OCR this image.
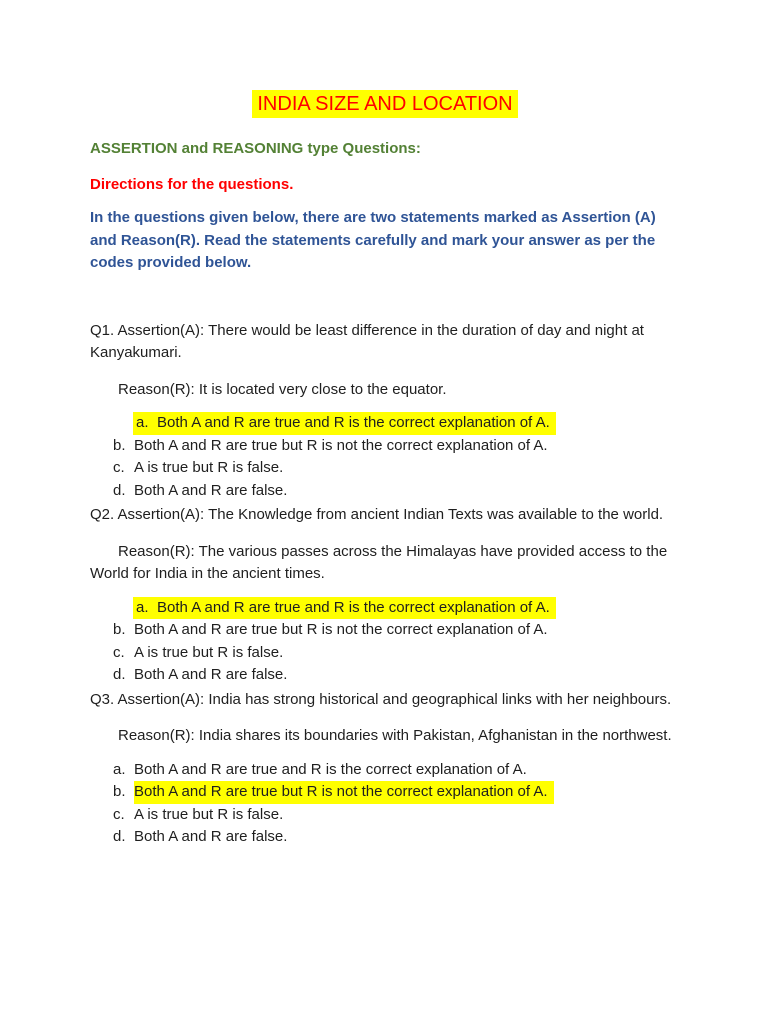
INDIA SIZE AND LOCATION
ASSERTION and REASONING type Questions:
Directions for the questions.
In the questions given below, there are two statements marked as Assertion (A) and Reason(R). Read the statements carefully and mark your answer as per the codes provided below.
Q1. Assertion(A): There would be least difference in the duration of day and night at Kanyakumari.
Reason(R): It is located very close to the equator.
a. Both A and R are true and R is the correct explanation of A.
b. Both A and R are true but R is not the correct explanation of A.
c. A is true but R is false.
d. Both A and R are false.
Q2. Assertion(A): The Knowledge from ancient Indian Texts was available to the world.
Reason(R): The various passes across the Himalayas have provided access to the World for India in the ancient times.
a. Both A and R are true and R is the correct explanation of A.
b. Both A and R are true but R is not the correct explanation of A.
c. A is true but R is false.
d. Both A and R are false.
Q3. Assertion(A): India has strong historical and geographical links with her neighbours.
Reason(R): India shares its boundaries with Pakistan, Afghanistan in the northwest.
a. Both A and R are true and R is the correct explanation of A.
b. Both A and R are true but R is not the correct explanation of A.
c. A is true but R is false.
d. Both A and R are false.
